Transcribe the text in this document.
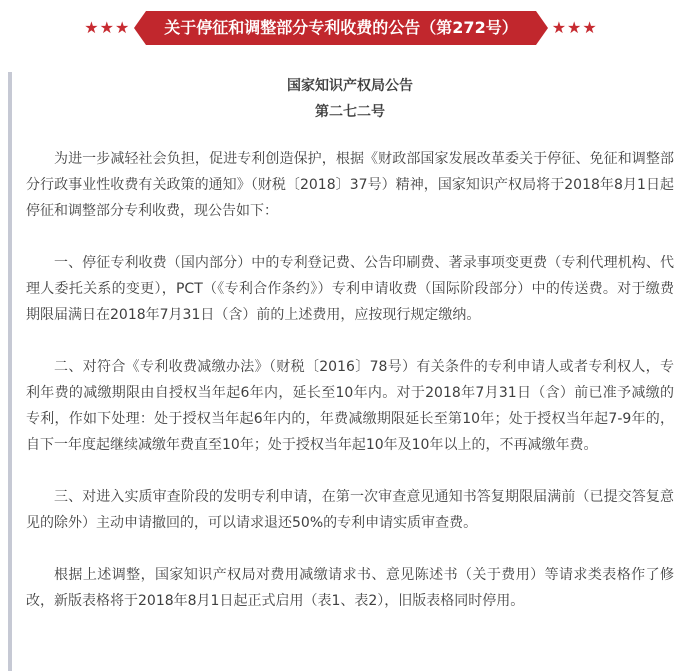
★★★	关于停征和调整部分专利收费的公告（第272号）	★★★
国家知识产权局公告
第二七二号

为进一步减轻社会负担，促进专利创造保护，根据《财政部国家发展改革委关于停征、免征和调整部分行政事业性收费有关政策的通知》（财税〔2018〕37号）精神，国家知识产权局将于2018年8月1日起停征和调整部分专利收费，现公告如下：

一、停征专利收费（国内部分）中的专利登记费、公告印刷费、著录事项变更费（专利代理机构、代理人委托关系的变更），PCT（《专利合作条约》）专利申请收费（国际阶段部分）中的传送费。对于缴费期限届满日在2018年7月31日（含）前的上述费用，应按现行规定缴纳。

二、对符合《专利收费减缴办法》（财税〔2016〕78号）有关条件的专利申请人或者专利权人，专利年费的减缴期限由自授权当年起6年内，延长至10年内。对于2018年7月31日（含）前已准予减缴的专利，作如下处理：处于授权当年起6年内的，年费减缴期限延长至第10年；处于授权当年起7-9年的，自下一年度起继续减缴年费直至10年；处于授权当年起10年及10年以上的，不再减缴年费。

三、对进入实质审查阶段的发明专利申请，在第一次审查意见通知书答复期限届满前（已提交答复意见的除外）主动申请撤回的，可以请求退还50%的专利申请实质审查费。

根据上述调整，国家知识产权局对费用减缴请求书、意见陈述书（关于费用）等请求类表格作了修改，新版表格将于2018年8月1日起正式启用（表1、表2），旧版表格同时停用。
